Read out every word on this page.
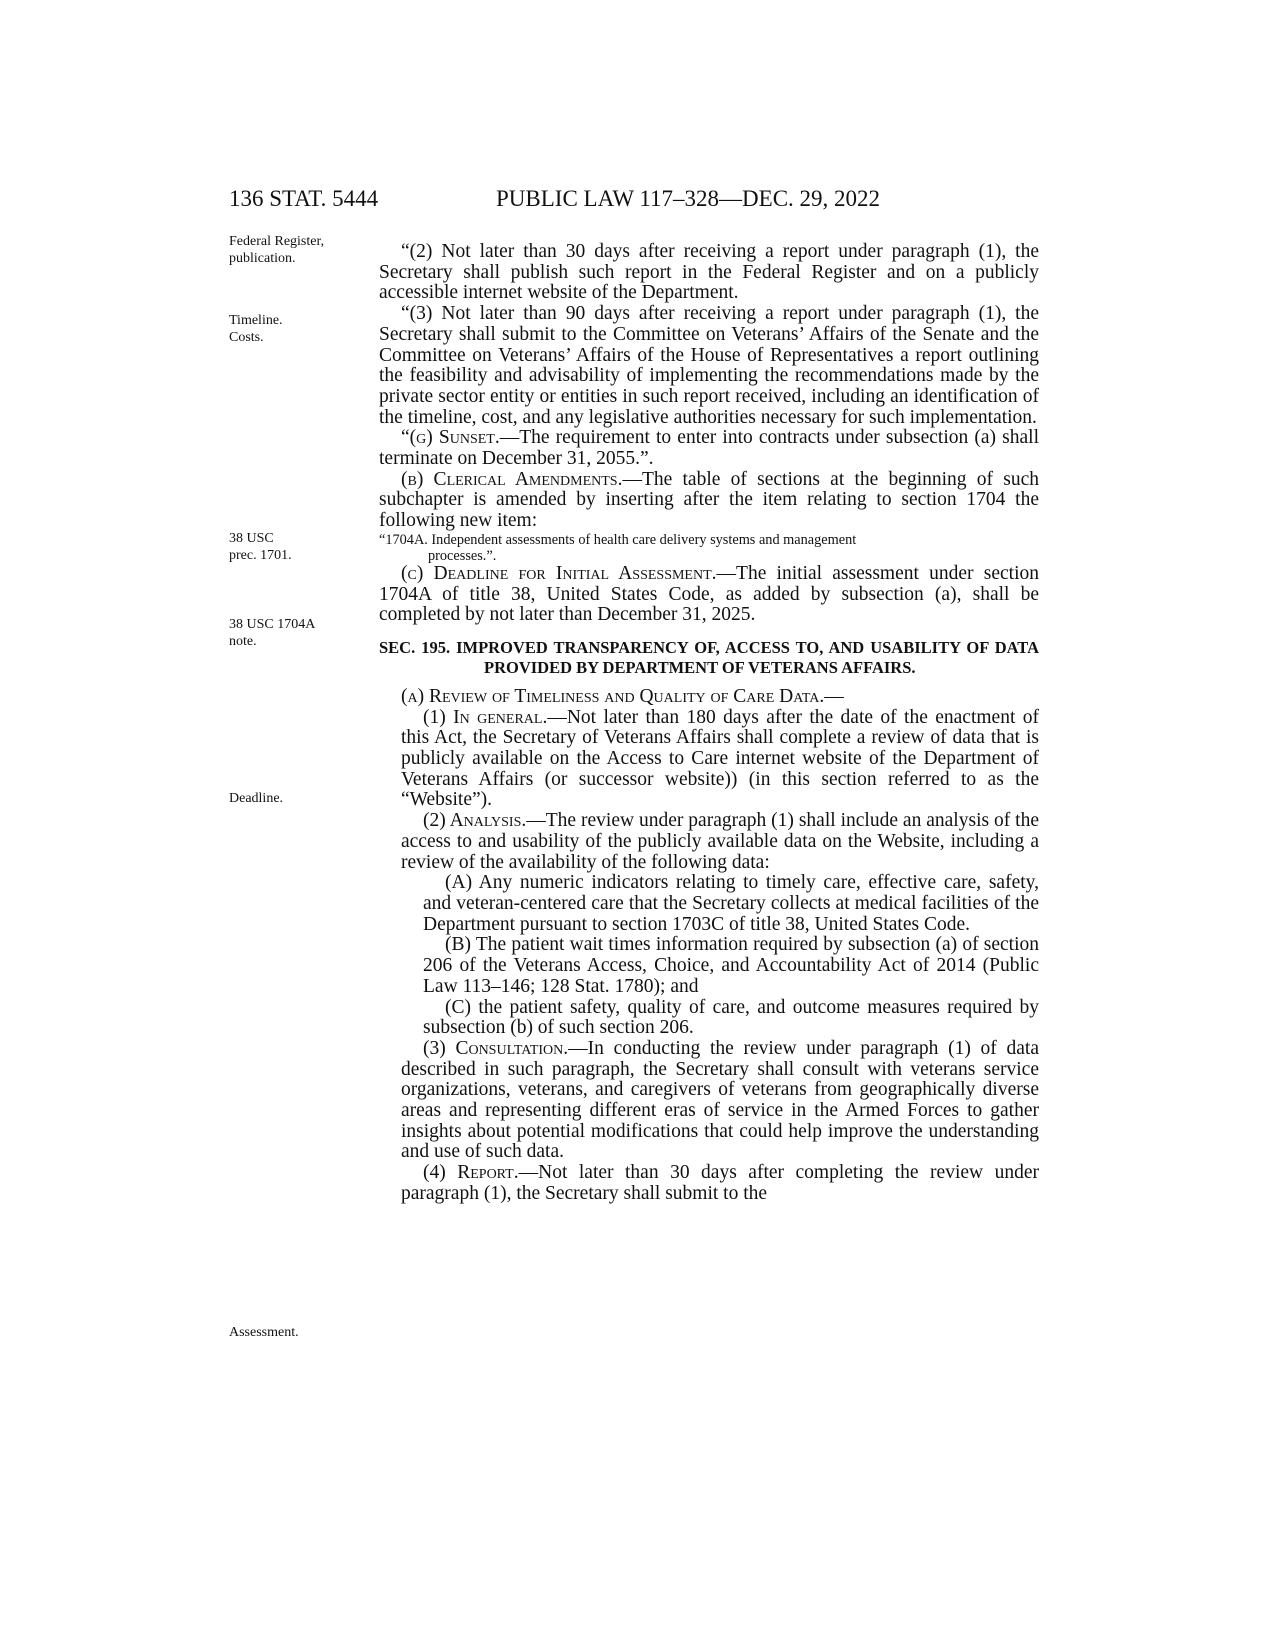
136 STAT. 5444	PUBLIC LAW 117–328—DEC. 29, 2022
Federal Register,
publication.
Timeline.
Costs.
38 USC
prec. 1701.
38 USC 1704A
note.
Deadline.
Assessment.

“(2) Not later than 30 days after receiving a report under paragraph (1), the Secretary shall publish such report in the Federal Register and on a publicly accessible internet website of the Department.

“(3) Not later than 90 days after receiving a report under paragraph (1), the Secretary shall submit to the Committee on Veterans’ Affairs of the Senate and the Committee on Veterans’ Affairs of the House of Representatives a report outlining the feasibility and advisability of implementing the recommendations made by the private sector entity or entities in such report received, including an identification of the timeline, cost, and any legislative authorities necessary for such implementation.

“(g) Sunset.—The requirement to enter into contracts under subsection (a) shall terminate on December 31, 2055.”.

(b) Clerical Amendments.—The table of sections at the beginning of such subchapter is amended by inserting after the item relating to section 1704 the following new item:

“1704A. Independent assessments of health care delivery systems and management
processes.”.

(c) Deadline for Initial Assessment.—The initial assessment under section 1704A of title 38, United States Code, as added by subsection (a), shall be completed by not later than December 31, 2025.

SEC. 195. IMPROVED TRANSPARENCY OF, ACCESS TO, AND USABILITY OF DATA PROVIDED BY DEPARTMENT OF VETERANS AFFAIRS.

(a) Review of Timeliness and Quality of Care Data.—

(1) In general.—Not later than 180 days after the date of the enactment of this Act, the Secretary of Veterans Affairs shall complete a review of data that is publicly available on the Access to Care internet website of the Department of Veterans Affairs (or successor website)) (in this section referred to as the “Website”).

(2) Analysis.—The review under paragraph (1) shall include an analysis of the access to and usability of the publicly available data on the Website, including a review of the availability of the following data:

(A) Any numeric indicators relating to timely care, effective care, safety, and veteran-centered care that the Secretary collects at medical facilities of the Department pursuant to section 1703C of title 38, United States Code.

(B) The patient wait times information required by subsection (a) of section 206 of the Veterans Access, Choice, and Accountability Act of 2014 (Public Law 113–146; 128 Stat. 1780); and

(C) the patient safety, quality of care, and outcome measures required by subsection (b) of such section 206.

(3) Consultation.—In conducting the review under paragraph (1) of data described in such paragraph, the Secretary shall consult with veterans service organizations, veterans, and caregivers of veterans from geographically diverse areas and representing different eras of service in the Armed Forces to gather insights about potential modifications that could help improve the understanding and use of such data.

(4) Report.—Not later than 30 days after completing the review under paragraph (1), the Secretary shall submit to the
